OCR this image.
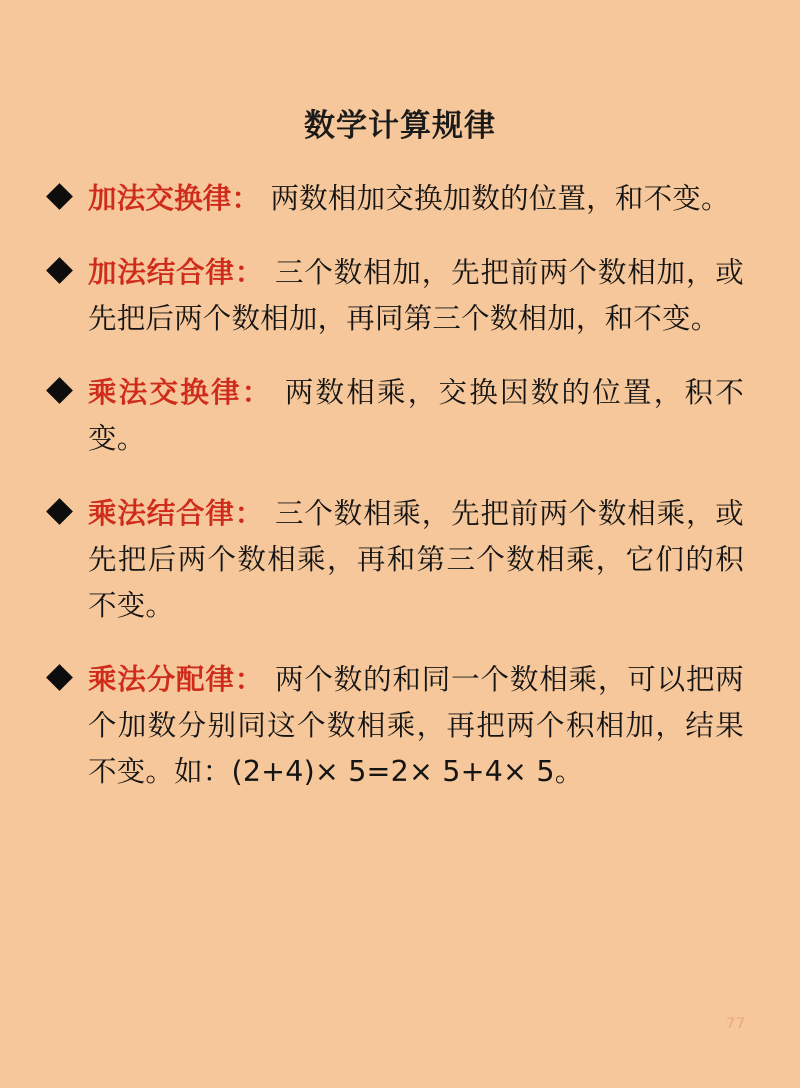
数学计算规律
加法交换律： 两数相加交换加数的位置，和不变。
加法结合律： 三个数相加，先把前两个数相加，或先把后两个数相加，再同第三个数相加，和不变。
乘法交换律： 两数相乘，交换因数的位置，积不变。
乘法结合律： 三个数相乘，先把前两个数相乘，或先把后两个数相乘，再和第三个数相乘，它们的积不变。
乘法分配律： 两个数的和同一个数相乘，可以把两个加数分别同这个数相乘，再把两个积相加，结果不变。如：(2+4)× 5=2× 5+4× 5。
77
